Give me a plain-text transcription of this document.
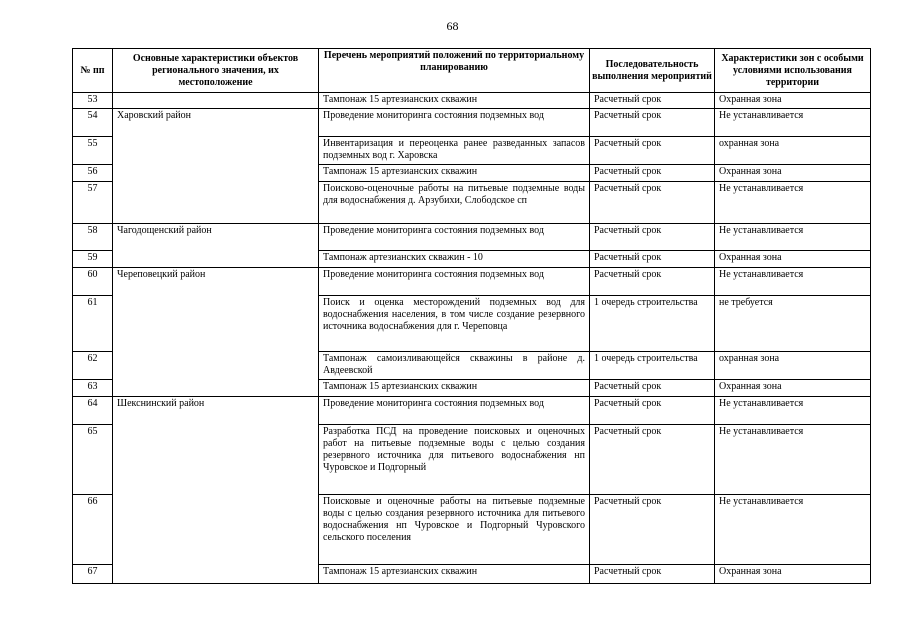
68
№ пп	Основные характеристики объектов регионального значения, их местоположение	Перечень мероприятий положений по территориальному планированию	Последовательность выполнения мероприятий	Характеристики зон с особыми условиями использования территории
53		Тампонаж 15 артезианских скважин	Расчетный срок	Охранная зона
54	Харовский район	Проведение мониторинга состояния подземных вод	Расчетный срок	Не устанавливается
55		Инвентаризация и переоценка ранее разведанных запасов подземных вод г. Харовска	Расчетный срок	охранная зона
56		Тампонаж 15 артезианских скважин	Расчетный срок	Охранная зона
57		Поисково-оценочные работы на питьевые подземные воды для водоснабжения д. Арзубихи, Слободское сп	Расчетный срок	Не устанавливается
58	Чагодощенский район	Проведение мониторинга состояния подземных вод	Расчетный срок	Не устанавливается
59		Тампонаж артезианских скважин - 10	Расчетный срок	Охранная зона
60	Череповецкий район	Проведение мониторинга состояния подземных вод	Расчетный срок	Не устанавливается
61		Поиск и оценка месторождений подземных вод для водоснабжения населения, в том числе создание резервного источника водоснабжения для г. Череповца	1 очередь строительства	не требуется
62		Тампонаж самоизливающейся скважины в районе д. Авдеевской	1 очередь строительства	охранная зона
63		Тампонаж 15 артезианских скважин	Расчетный срок	Охранная зона
64	Шекснинский район	Проведение мониторинга состояния подземных вод	Расчетный срок	Не устанавливается
65		Разработка ПСД на проведение поисковых и оценочных работ на питьевые подземные воды с целью создания резервного источника для питьевого водоснабжения нп Чуровское и Подгорный	Расчетный срок	Не устанавливается
66		Поисковые и оценочные работы на питьевые подземные воды с целью создания резервного источника для питьевого водоснабжения нп Чуровское и Подгорный Чуровского сельского поселения	Расчетный срок	Не устанавливается
67		Тампонаж 15 артезианских скважин	Расчетный срок	Охранная зона
